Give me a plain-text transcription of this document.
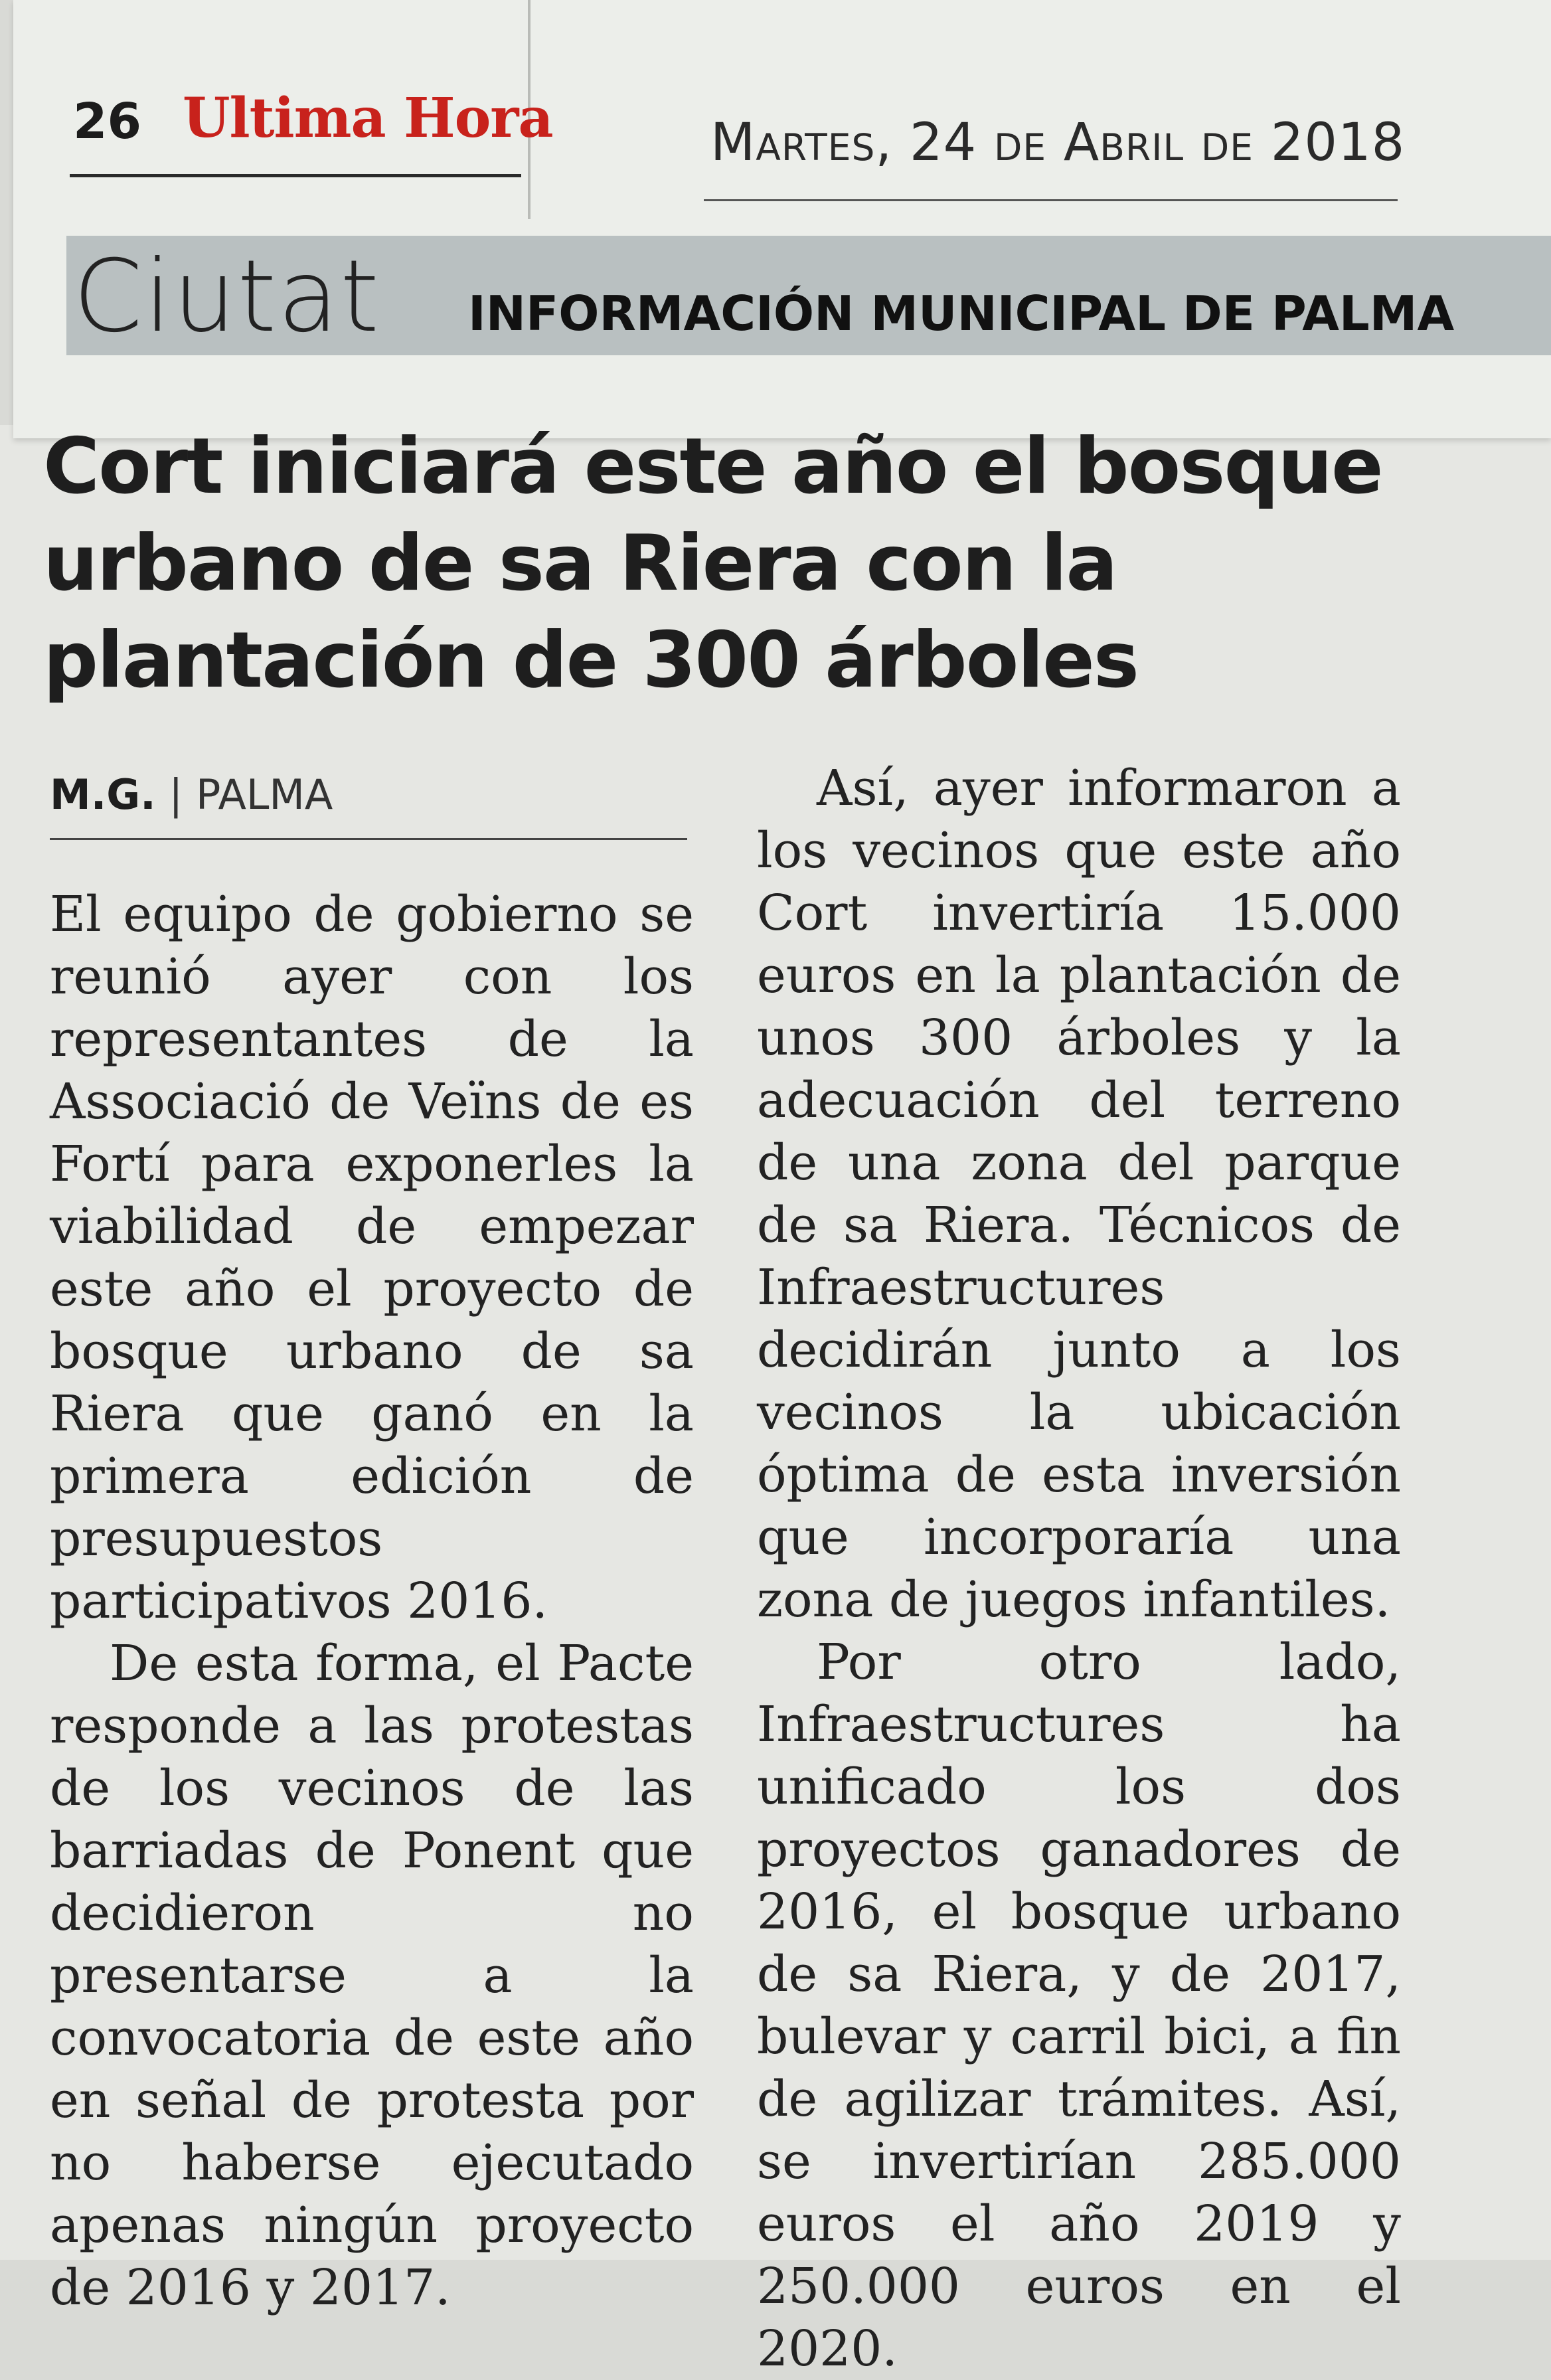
26 Ultima Hora	Martes, 24 de Abril de 2018
Ciutat INFORMACIÓN MUNICIPAL DE PALMA
Cort iniciará este año el bosque urbano de sa Riera con la plantación de 300 árboles
M.G. | PALMA

El equipo de gobierno se reunió ayer con los representantes de la Associació de Veïns de es Fortí para exponerles la viabilidad de empezar este año el proyecto de bosque urbano de sa Riera que ganó en la primera edición de presupuestos participativos 2016.

De esta forma, el Pacte responde a las protestas de los vecinos de las barriadas de Ponent que decidieron no presentarse a la convocatoria de este año en señal de protesta por no haberse ejecutado apenas ningún proyecto de 2016 y 2017.

Así, ayer informaron a los vecinos que este año Cort invertiría 15.000 euros en la plantación de unos 300 árboles y la adecuación del terreno de una zona del parque de sa Riera. Técnicos de Infraestructures decidirán junto a los vecinos la ubicación óptima de esta inversión que incorporaría una zona de juegos infantiles.

Por otro lado, Infraestructures ha unificado los dos proyectos ganadores de 2016, el bosque urbano de sa Riera, y de 2017, bulevar y carril bici, a fin de agilizar trámites. Así, se invertirían 285.000 euros el año 2019 y 250.000 euros en el 2020.
